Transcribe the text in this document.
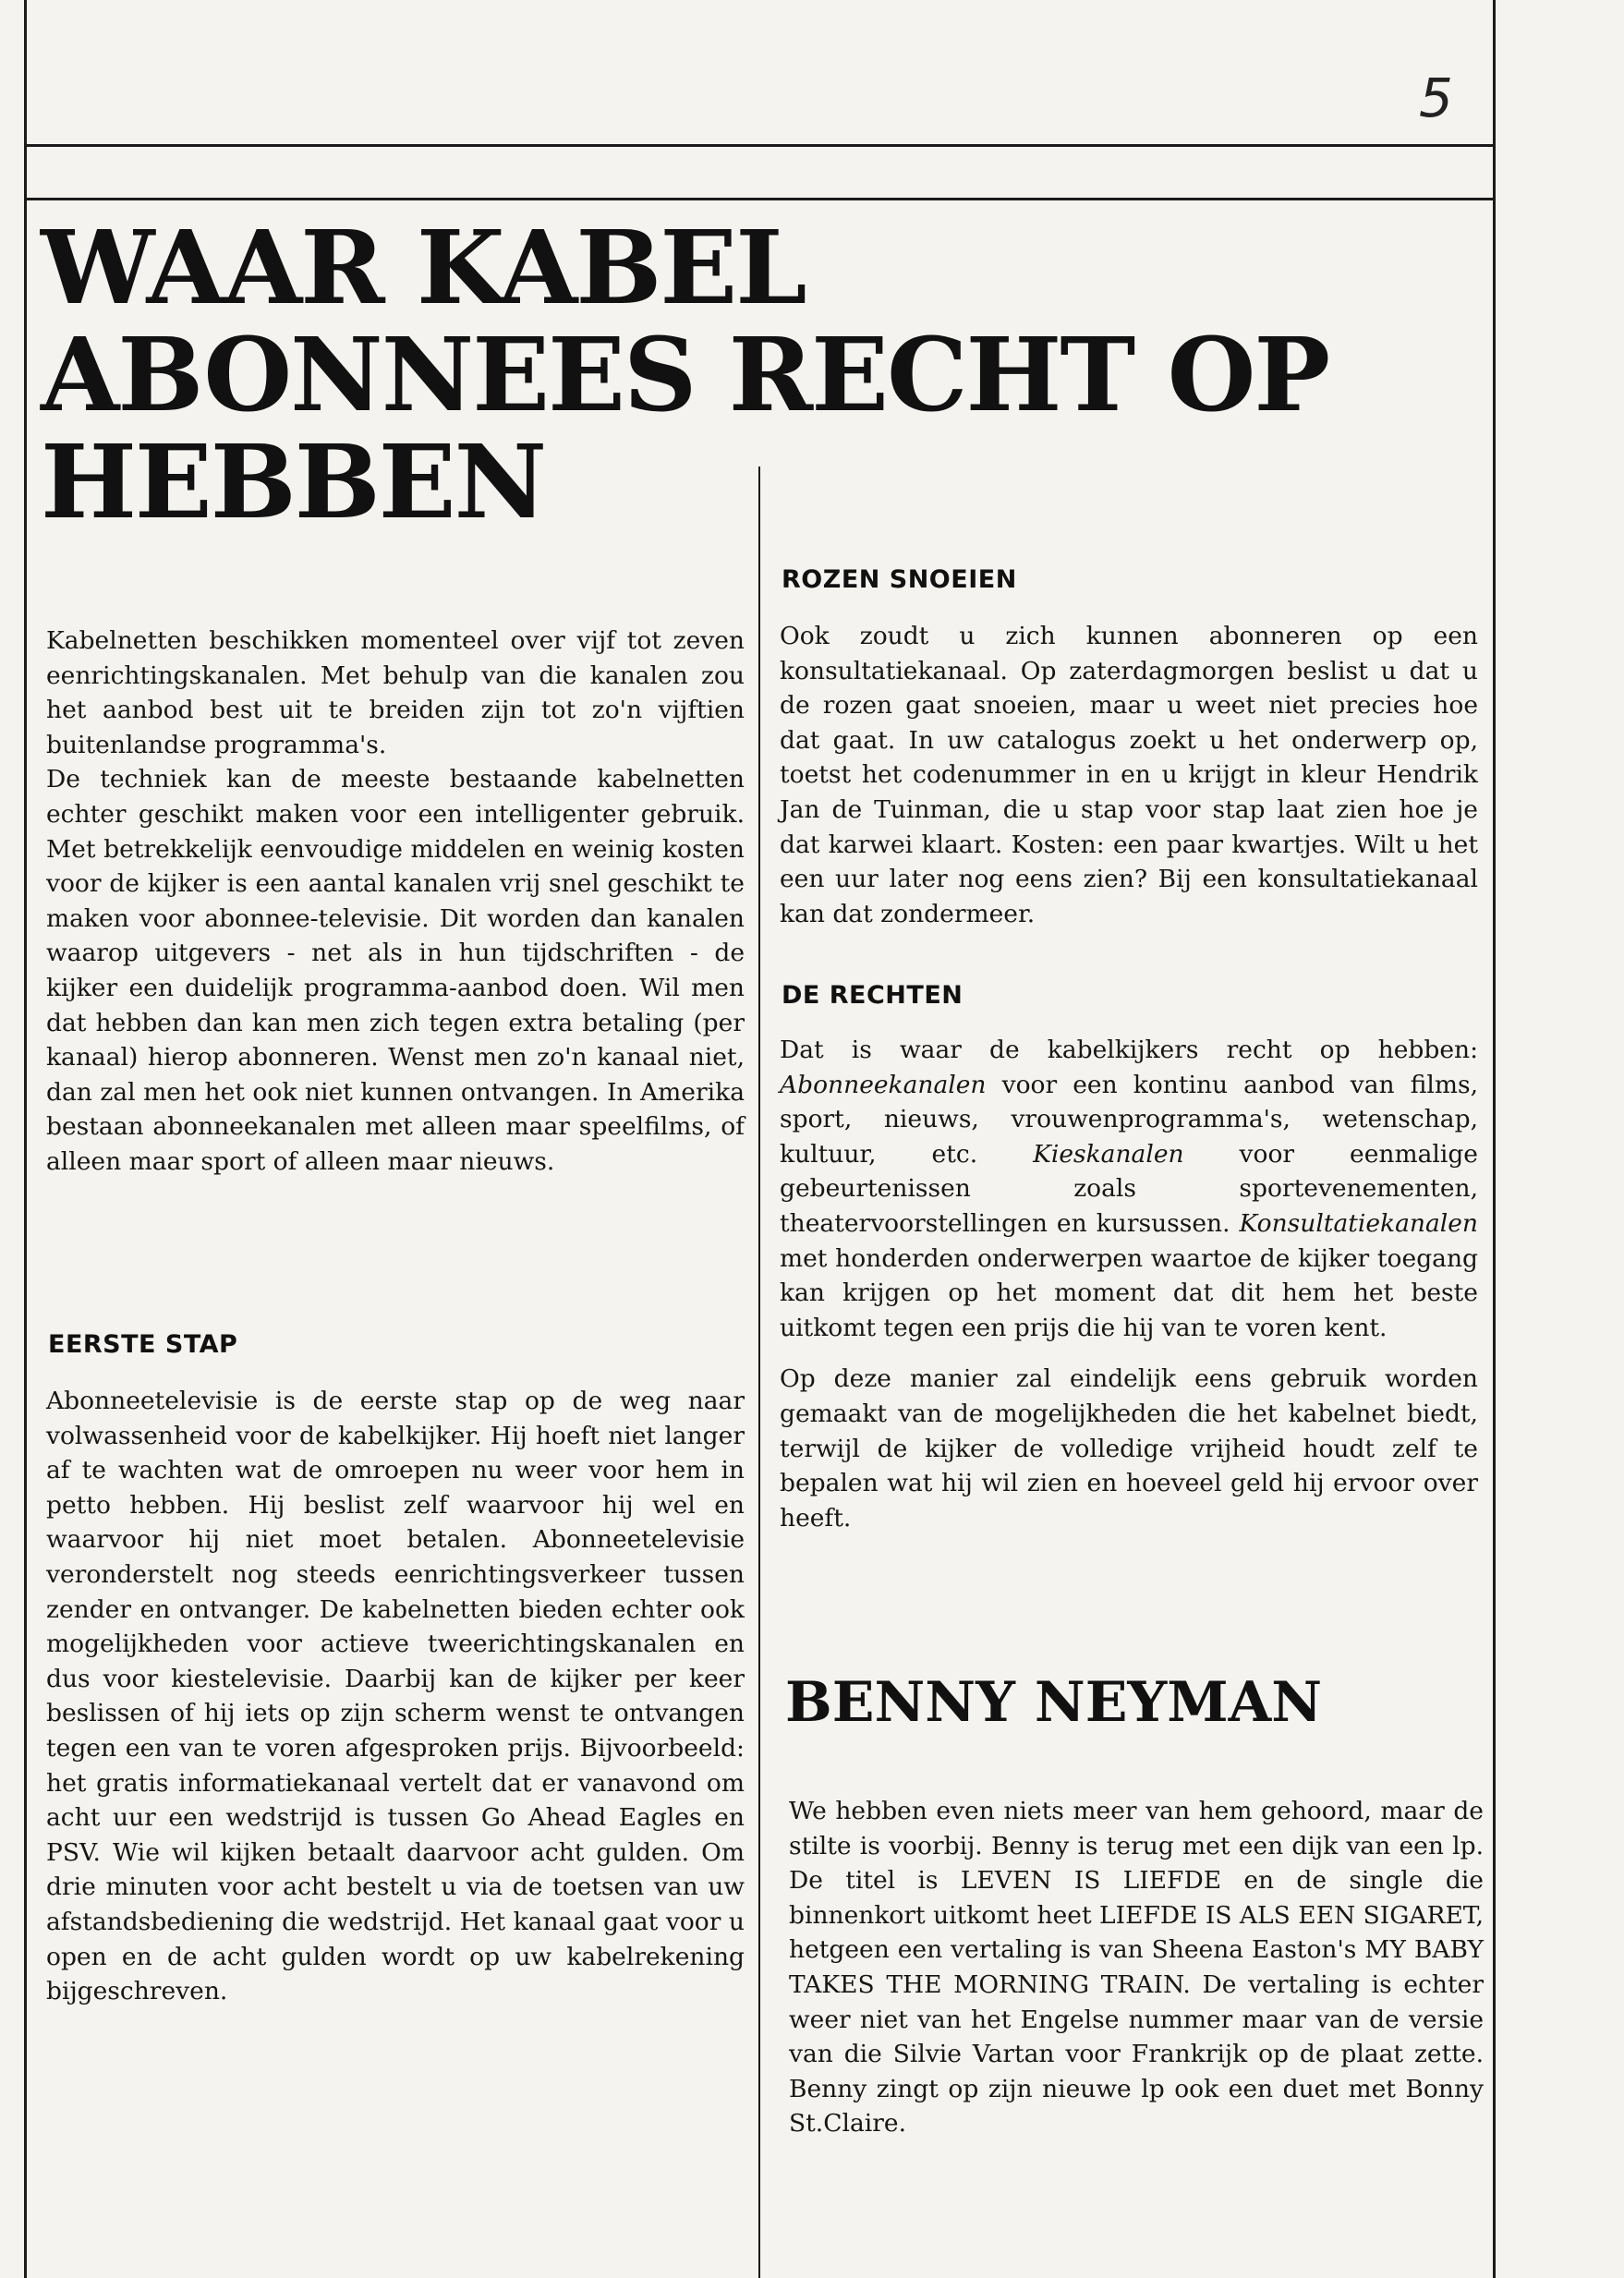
5
WAAR KABEL
ABONNEES RECHT OP
HEBBEN

Kabelnetten beschikken momenteel over vijf tot zeven eenrichtingskanalen. Met behulp van die kanalen zou het aanbod best uit te breiden zijn tot zo'n vijftien buitenlandse programma's.

De techniek kan de meeste bestaande kabelnetten echter geschikt maken voor een intelligenter gebruik. Met betrekkelijk eenvoudige middelen en weinig kosten voor de kijker is een aantal kanalen vrij snel geschikt te maken voor abonnee-televisie. Dit worden dan kanalen waarop uitgevers - net als in hun tijdschriften - de kijker een duidelijk programma-aanbod doen. Wil men dat hebben dan kan men zich tegen extra betaling (per kanaal) hierop abonneren. Wenst men zo'n kanaal niet, dan zal men het ook niet kunnen ontvangen. In Amerika bestaan abonneekanalen met alleen maar speelfilms, of alleen maar sport of alleen maar nieuws.

EERSTE STAP

Abonneetelevisie is de eerste stap op de weg naar volwassenheid voor de kabelkijker. Hij hoeft niet langer af te wachten wat de omroepen nu weer voor hem in petto hebben. Hij beslist zelf waarvoor hij wel en waarvoor hij niet moet betalen. Abonneetelevisie veronderstelt nog steeds eenrichtingsverkeer tussen zender en ontvanger. De kabelnetten bieden echter ook mogelijkheden voor actieve tweerichtingskanalen en dus voor kiestelevisie. Daarbij kan de kijker per keer beslissen of hij iets op zijn scherm wenst te ontvangen tegen een van te voren afgesproken prijs. Bijvoorbeeld: het gratis informatiekanaal vertelt dat er vanavond om acht uur een wedstrijd is tussen Go Ahead Eagles en PSV. Wie wil kijken betaalt daarvoor acht gulden. Om drie minuten voor acht bestelt u via de toetsen van uw afstandsbediening die wedstrijd. Het kanaal gaat voor u open en de acht gulden wordt op uw kabelrekening bijgeschreven.

ROZEN SNOEIEN

Ook zoudt u zich kunnen abonneren op een konsultatiekanaal. Op zaterdagmorgen beslist u dat u de rozen gaat snoeien, maar u weet niet precies hoe dat gaat. In uw catalogus zoekt u het onderwerp op, toetst het codenummer in en u krijgt in kleur Hendrik Jan de Tuinman, die u stap voor stap laat zien hoe je dat karwei klaart. Kosten: een paar kwartjes. Wilt u het een uur later nog eens zien? Bij een konsultatiekanaal kan dat zondermeer.

DE RECHTEN

Dat is waar de kabelkijkers recht op hebben: Abonneekanalen voor een kontinu aanbod van films, sport, nieuws, vrouwenprogramma's, wetenschap, kultuur, etc. Kieskanalen voor eenmalige gebeurtenissen zoals sportevenementen, theatervoorstellingen en kursussen. Konsultatiekanalen met honderden onderwerpen waartoe de kijker toegang kan krijgen op het moment dat dit hem het beste uitkomt tegen een prijs die hij van te voren kent.

Op deze manier zal eindelijk eens gebruik worden gemaakt van de mogelijkheden die het kabelnet biedt, terwijl de kijker de volledige vrijheid houdt zelf te bepalen wat hij wil zien en hoeveel geld hij ervoor over heeft.

BENNY NEYMAN

We hebben even niets meer van hem gehoord, maar de stilte is voorbij. Benny is terug met een dijk van een lp. De titel is LEVEN IS LIEFDE en de single die binnenkort uitkomt heet LIEFDE IS ALS EEN SIGARET, hetgeen een vertaling is van Sheena Easton's MY BABY TAKES THE MORNING TRAIN. De vertaling is echter weer niet van het Engelse nummer maar van de versie van die Silvie Vartan voor Frankrijk op de plaat zette. Benny zingt op zijn nieuwe lp ook een duet met Bonny St.Claire.
